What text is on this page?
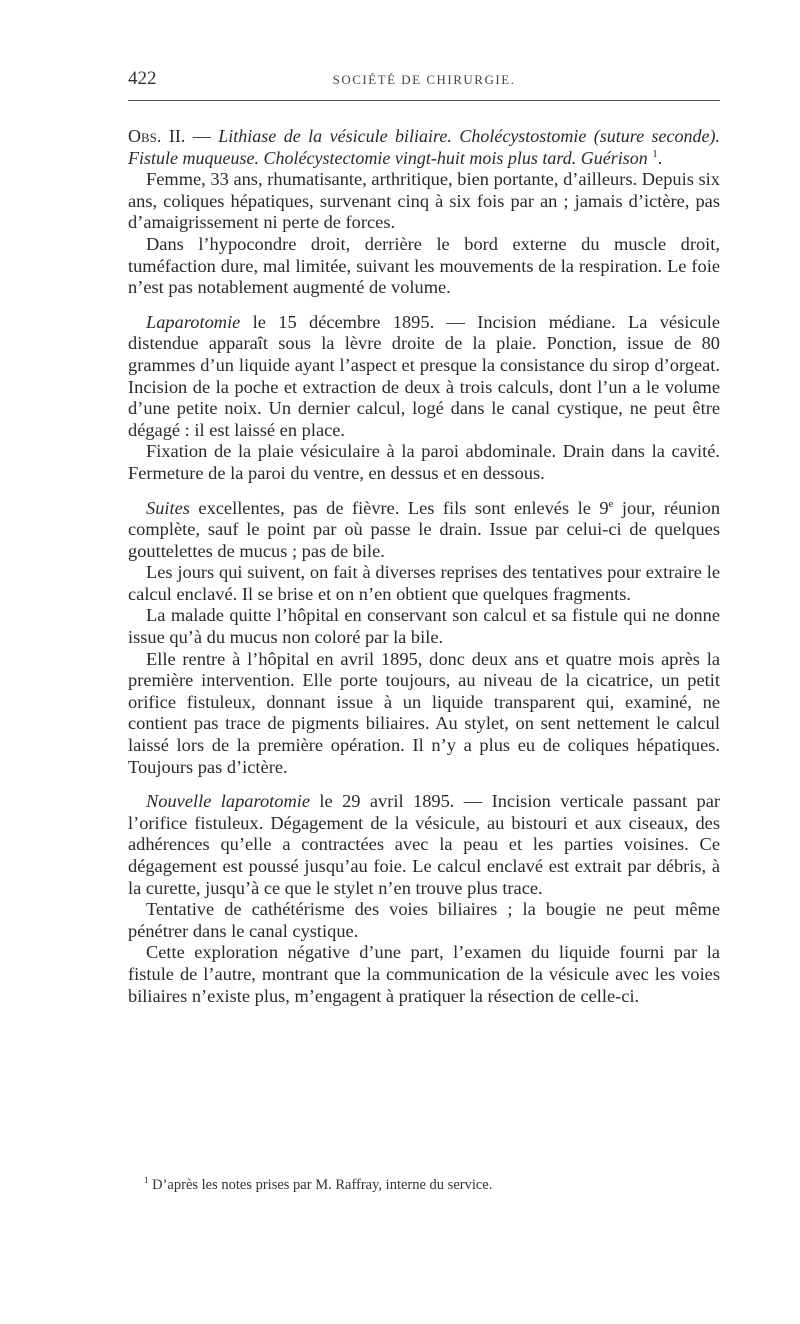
422	SOCIÉTÉ DE CHIRURGIE.

Obs. II. — Lithiase de la vésicule biliaire. Cholécystostomie (suture seconde). Fistule muqueuse. Cholécystectomie vingt-huit mois plus tard. Guérison $^1$.

Femme, 33 ans, rhumatisante, arthritique, bien portante, d’ailleurs. Depuis six ans, coliques hépatiques, survenant cinq à six fois par an ; jamais d’ictère, pas d’amaigrissement ni perte de forces.

Dans l’hypocondre droit, derrière le bord externe du muscle droit, tuméfaction dure, mal limitée, suivant les mouvements de la respiration. Le foie n’est pas notablement augmenté de volume.

Laparotomie le 15 décembre 1895. — Incision médiane. La vésicule distendue apparaît sous la lèvre droite de la plaie. Ponction, issue de 80 grammes d’un liquide ayant l’aspect et presque la consistance du sirop d’orgeat. Incision de la poche et extraction de deux à trois calculs, dont l’un a le volume d’une petite noix. Un dernier calcul, logé dans le canal cystique, ne peut être dégagé : il est laissé en place.

Fixation de la plaie vésiculaire à la paroi abdominale. Drain dans la cavité. Fermeture de la paroi du ventre, en dessus et en dessous.

Suites excellentes, pas de fièvre. Les fils sont enlevés le 9e jour, réunion complète, sauf le point par où passe le drain. Issue par celui-ci de quelques gouttelettes de mucus ; pas de bile.

Les jours qui suivent, on fait à diverses reprises des tentatives pour extraire le calcul enclavé. Il se brise et on n’en obtient que quelques fragments.

La malade quitte l’hôpital en conservant son calcul et sa fistule qui ne donne issue qu’à du mucus non coloré par la bile.

Elle rentre à l’hôpital en avril 1895, donc deux ans et quatre mois après la première intervention. Elle porte toujours, au niveau de la cicatrice, un petit orifice fistuleux, donnant issue à un liquide transparent qui, examiné, ne contient pas trace de pigments biliaires. Au stylet, on sent nettement le calcul laissé lors de la première opération. Il n’y a plus eu de coliques hépatiques. Toujours pas d’ictère.

Nouvelle laparotomie le 29 avril 1895. — Incision verticale passant par l’orifice fistuleux. Dégagement de la vésicule, au bistouri et aux ciseaux, des adhérences qu’elle a contractées avec la peau et les parties voisines. Ce dégagement est poussé jusqu’au foie. Le calcul enclavé est extrait par débris, à la curette, jusqu’à ce que le stylet n’en trouve plus trace.

Tentative de cathétérisme des voies biliaires ; la bougie ne peut même pénétrer dans le canal cystique.

Cette exploration négative d’une part, l’examen du liquide fourni par la fistule de l’autre, montrant que la communication de la vésicule avec les voies biliaires n’existe plus, m’engagent à pratiquer la résection de celle-ci.

$^1$ D’après les notes prises par M. Raffray, interne du service.
